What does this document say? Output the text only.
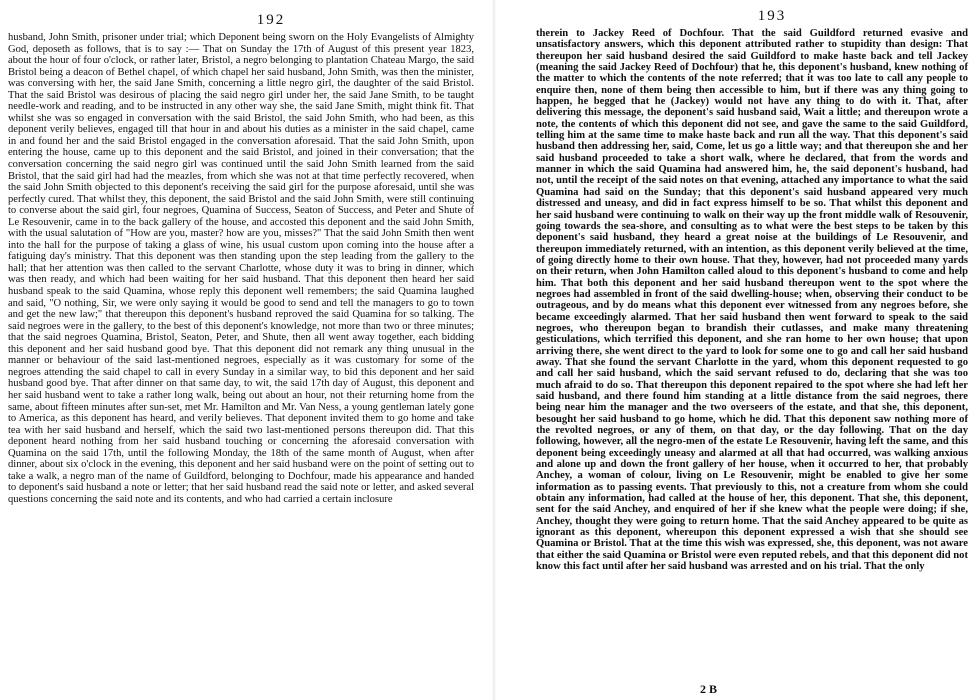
192

husband, John Smith, prisoner under trial; which Deponent being sworn on the Holy Evangelists of Almighty God, deposeth as follows, that is to say :— That on Sunday the 17th of August of this present year 1823, about the hour of four o'clock, or rather later, Bristol, a negro belonging to plantation Chateau Margo, the said Bristol being a deacon of Bethel chapel, of which chapel her said husband, John Smith, was then the minister, was conversing with her, the said Jane Smith, concerning a little negro girl, the daughter of the said Bristol. That the said Bristol was desirous of placing the said negro girl under her, the said Jane Smith, to be taught needle-work and reading, and to be instructed in any other way she, the said Jane Smith, might think fit. That whilst she was so engaged in conversation with the said Bristol, the said John Smith, who had been, as this deponent verily believes, engaged till that hour in and about his duties as a minister in the said chapel, came in and found her and the said Bristol engaged in the conversation aforesaid. That the said John Smith, upon entering the house, came up to this deponent and the said Bristol, and joined in their conversation; that the conversation concerning the said negro girl was continued until the said John Smith learned from the said Bristol, that the said girl had had the meazles, from which she was not at that time perfectly recovered, when the said John Smith objected to this deponent's receiving the said girl for the purpose aforesaid, until she was perfectly cured. That whilst they, this deponent, the said Bristol and the said John Smith, were still continuing to converse about the said girl, four negroes, Quamina of Success, Seaton of Success, and Peter and Shute of Le Resouvenir, came in to the back gallery of the house, and accosted this deponent and the said John Smith, with the usual salutation of "How are you, master? how are you, misses?" That the said John Smith then went into the hall for the purpose of taking a glass of wine, his usual custom upon coming into the house after a fatiguing day's ministry. That this deponent was then standing upon the step leading from the gallery to the hall; that her attention was then called to the servant Charlotte, whose duty it was to bring in dinner, which was then ready, and which had been waiting for her said husband. That this deponent then heard her said husband speak to the said Quamina, whose reply this deponent well remembers; the said Quamina laughed and said, "O nothing, Sir, we were only saying it would be good to send and tell the managers to go to town and get the new law;" that thereupon this deponent's husband reproved the said Quamina for so talking. The said negroes were in the gallery, to the best of this deponent's knowledge, not more than two or three minutes; that the said negroes Quamina, Bristol, Seaton, Peter, and Shute, then all went away together, each bidding this deponent and her said husband good bye. That this deponent did not remark any thing unusual in the manner or behaviour of the said last-mentioned negroes, especially as it was customary for some of the negroes attending the said chapel to call in every Sunday in a similar way, to bid this deponent and her said husband good bye. That after dinner on that same day, to wit, the said 17th day of August, this deponent and her said husband went to take a rather long walk, being out about an hour, not their returning home from the same, about fifteen minutes after sun-set, met Mr. Hamilton and Mr. Van Ness, a young gentleman lately gone to America, as this deponent has heard, and verily believes. That deponent invited them to go home and take tea with her said husband and herself, which the said two last-mentioned persons thereupon did. That this deponent heard nothing from her said husband touching or concerning the aforesaid conversation with Quamina on the said 17th, until the following Monday, the 18th of the same month of August, when after dinner, about six o'clock in the evening, this deponent and her said husband were on the point of setting out to take a walk, a negro man of the name of Guildford, belonging to Dochfour, made his appearance and handed to deponent's said husband a note or letter; that her said husband read the said note or letter, and asked several questions concerning the said note and its contents, and who had carried a certain inclosure

193

therein to Jackey Reed of Dochfour. That the said Guildford returned evasive and unsatisfactory answers, which this deponent attributed rather to stupidity than design: That thereupon her said husband desired the said Guildford to make haste back and tell Jackey (meaning the said Jackey Reed of Dochfour) that he, this deponent's husband, knew nothing of the matter to which the contents of the note referred; that it was too late to call any people to enquire then, none of them being then accessible to him, but if there was any thing going to happen, he begged that he (Jackey) would not have any thing to do with it. That, after delivering this message, the deponent's said husband said, Wait a little; and thereupon wrote a note, the contents of which this deponent did not see, and gave the same to the said Guildford, telling him at the same time to make haste back and run all the way. That this deponent's said husband then addressing her, said, Come, let us go a little way; and that thereupon she and her said husband proceeded to take a short walk, where he declared, that from the words and manner in which the said Quamina had answered him, he, the said deponent's husband, had not, until the receipt of the said notes on that evening, attached any importance to what the said Quamina had said on the Sunday; that this deponent's said husband appeared very much distressed and uneasy, and did in fact express himself to be so. That whilst this deponent and her said husband were continuing to walk on their way up the front middle walk of Resouvenir, going towards the sea-shore, and consulting as to what were the best steps to be taken by this deponent's said husband, they heard a great noise at the buildings of Le Resouvenir, and thereupon immediately returned, with an intention, as this deponent verily believed at the time, of going directly home to their own house. That they, however, had not proceeded many yards on their return, when John Hamilton called aloud to this deponent's husband to come and help him. That both this deponent and her said husband thereupon went to the spot where the negroes had assembled in front of the said dwelling-house; when, observing their conduct to be outrageous, and by do means what this deponent ever witnessed from any negroes before, she became exceedingly alarmed. That her said husband then went forward to speak to the said negroes, who thereupon began to brandish their cutlasses, and make many threatening gesticulations, which terrified this deponent, and she ran home to her own house; that upon arriving there, she went direct to the yard to look for some one to go and call her said husband away. That she found the servant Charlotte in the yard, whom this deponent requested to go and call her said husband, which the said servant refused to do, declaring that she was too much afraid to do so. That thereupon this deponent repaired to the spot where she had left her said husband, and there found him standing at a little distance from the said negroes, there being near him the manager and the two overseers of the estate, and that she, this deponent, besought her said husband to go home, which he did. That this deponent saw nothing more of the revolted negroes, or any of them, on that day, or the day following. That on the day following, however, all the negro-men of the estate Le Resouvenir, having left the same, and this deponent being exceedingly uneasy and alarmed at all that had occurred, was walking anxious and alone up and down the front gallery of her house, when it occurred to her, that probably Anchey, a woman of colour, living on Le Resouvenir, might be enabled to give her some information as to passing events. That previously to this, not a creature from whom she could obtain any information, had called at the house of her, this deponent. That she, this deponent, sent for the said Anchey, and enquired of her if she knew what the people were doing; if she, Anchey, thought they were going to return home. That the said Anchey appeared to be quite as ignorant as this deponent, whereupon this deponent expressed a wish that she should see Quamina or Bristol. That at the time this wish was expressed, she, this deponent, was not aware that either the said Quamina or Bristol were even reputed rebels, and that this deponent did not know this fact until after her said husband was arrested and on his trial. That the only

2 B
